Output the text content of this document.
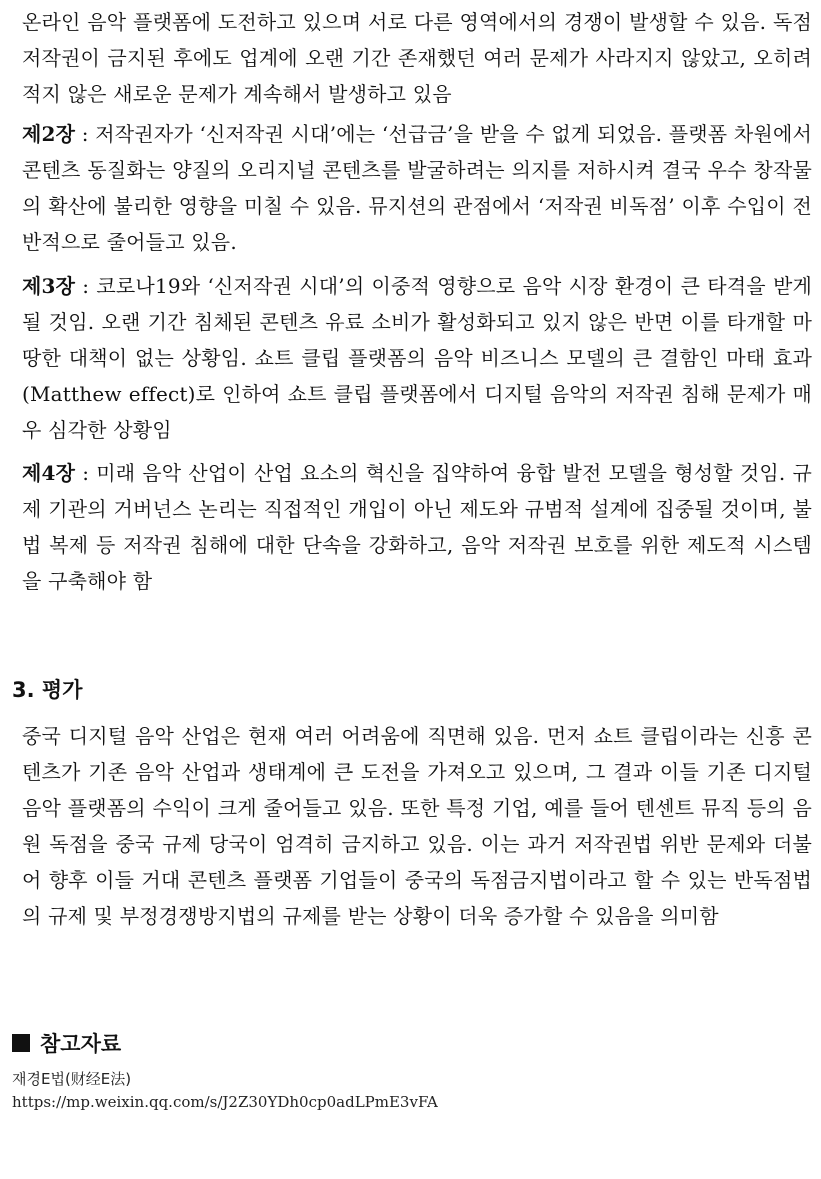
온라인 음악 플랫폼에 도전하고 있으며 서로 다른 영역에서의 경쟁이 발생할 수 있음. 독점 저작권이 금지된 후에도 업계에 오랜 기간 존재했던 여러 문제가 사라지지 않았고, 오히려 적지 않은 새로운 문제가 계속해서 발생하고 있음

제2장 : 저작권자가 ‘신저작권 시대’에는 ‘선급금’을 받을 수 없게 되었음. 플랫폼 차원에서 콘텐츠 동질화는 양질의 오리지널 콘텐츠를 발굴하려는 의지를 저하시켜 결국 우수 창작물의 확산에 불리한 영향을 미칠 수 있음. 뮤지션의 관점에서 ‘저작권 비독점’ 이후 수입이 전반적으로 줄어들고 있음.

제3장 : 코로나19와 ‘신저작권 시대’의 이중적 영향으로 음악 시장 환경이 큰 타격을 받게 될 것임. 오랜 기간 침체된 콘텐츠 유료 소비가 활성화되고 있지 않은 반면 이를 타개할 마땅한 대책이 없는 상황임. 쇼트 클립 플랫폼의 음악 비즈니스 모델의 큰 결함인 마태 효과(Matthew effect)로 인하여 쇼트 클립 플랫폼에서 디지털 음악의 저작권 침해 문제가 매우 심각한 상황임

제4장 : 미래 음악 산업이 산업 요소의 혁신을 집약하여 융합 발전 모델을 형성할 것임. 규제 기관의 거버넌스 논리는 직접적인 개입이 아닌 제도와 규범적 설계에 집중될 것이며, 불법 복제 등 저작권 침해에 대한 단속을 강화하고, 음악 저작권 보호를 위한 제도적 시스템을 구축해야 함

3. 평가

중국 디지털 음악 산업은 현재 여러 어려움에 직면해 있음. 먼저 쇼트 클립이라는 신흥 콘텐츠가 기존 음악 산업과 생태계에 큰 도전을 가져오고 있으며, 그 결과 이들 기존 디지털 음악 플랫폼의 수익이 크게 줄어들고 있음. 또한 특정 기업, 예를 들어 텐센트 뮤직 등의 음원 독점을 중국 규제 당국이 엄격히 금지하고 있음. 이는 과거 저작권법 위반 문제와 더불어 향후 이들 거대 콘텐츠 플랫폼 기업들이 중국의 독점금지법이라고 할 수 있는 반독점법의 규제 및 부정경쟁방지법의 규제를 받는 상황이 더욱 증가할 수 있음을 의미함

참고자료

재경E법(财经E法)

https://mp.weixin.qq.com/s/J2Z30YDh0cp0adLPmE3vFA
